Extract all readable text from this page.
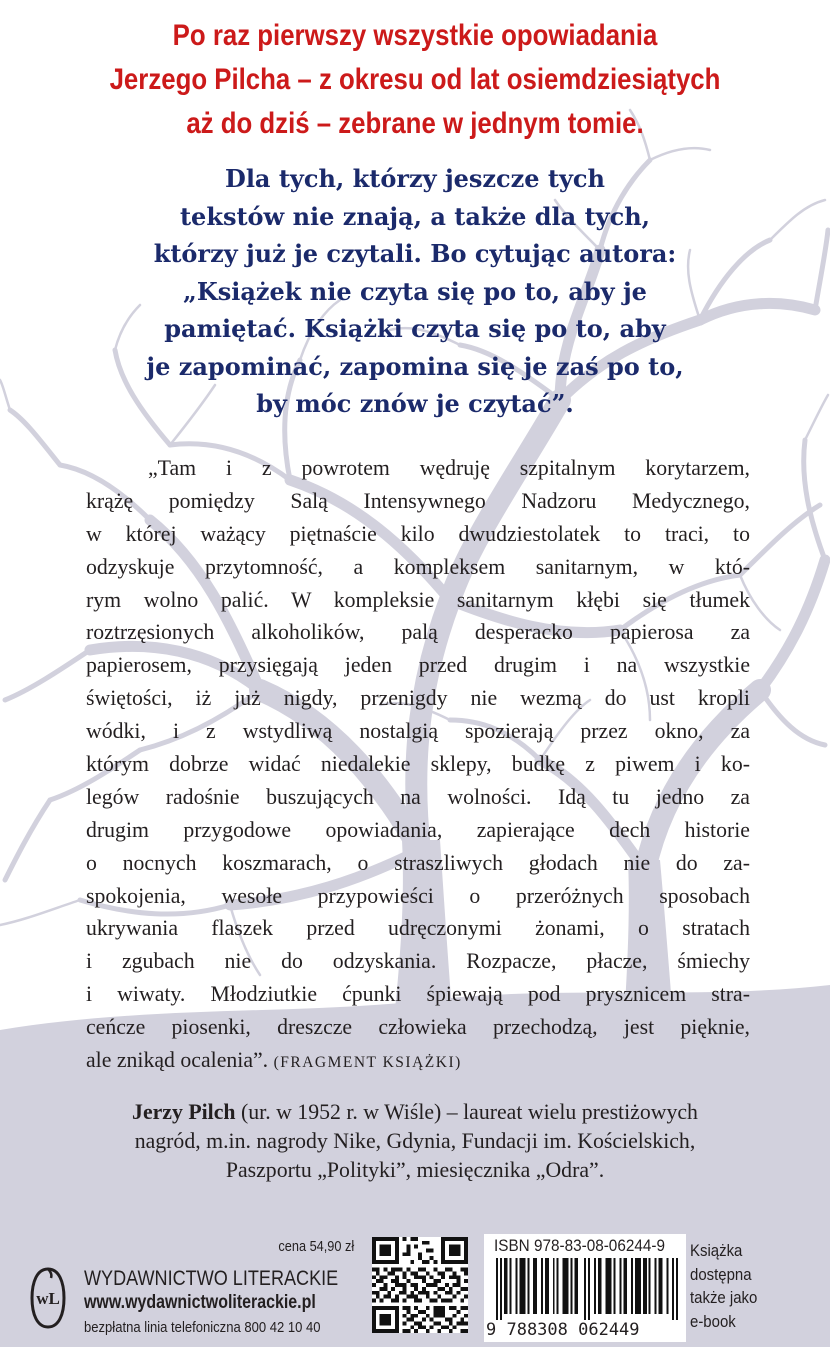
Po raz pierwszy wszystkie opowiadania
Jerzego Pilcha – z okresu od lat osiemdziesiątych
aż do dziś – zebrane w jednym tomie.
Dla tych, którzy jeszcze tych
tekstów nie znają, a także dla tych,
którzy już je czytali. Bo cytując autora:
„Książek nie czyta się po to, aby je
pamiętać. Książki czyta się po to, aby
je zapominać, zapomina się je zaś po to,
by móc znów je czytać”.
„Tam i z powrotem wędruję szpitalnym korytarzem,
krążę pomiędzy Salą Intensywnego Nadzoru Medycznego,
w której ważący piętnaście kilo dwudziestolatek to traci, to
odzyskuje przytomność, a kompleksem sanitarnym, w któ-
rym wolno palić. W kompleksie sanitarnym kłębi się tłumek
roztrzęsionych alkoholików, palą desperacko papierosa za
papierosem, przysięgają jeden przed drugim i na wszystkie
świętości, iż już nigdy, przenigdy nie wezmą do ust kropli
wódki, i z wstydliwą nostalgią spozierają przez okno, za
którym dobrze widać niedalekie sklepy, budkę z piwem i ko-
legów radośnie buszujących na wolności. Idą tu jedno za
drugim przygodowe opowiadania, zapierające dech historie
o nocnych koszmarach, o straszliwych głodach nie do za-
spokojenia, wesołe przypowieści o przeróżnych sposobach
ukrywania flaszek przed udręczonymi żonami, o stratach
i zgubach nie do odzyskania. Rozpacze, płacze, śmiechy
i wiwaty. Młodziutkie ćpunki śpiewają pod prysznicem stra-
ceńcze piosenki, dreszcze człowieka przechodzą, jest pięknie,
ale znikąd ocalenia”. (FRAGMENT KSIĄŻKI)
Jerzy Pilch (ur. w 1952 r. w Wiśle) – laureat wielu prestiżowych
nagród, m.in. nagrody Nike, Gdynia, Fundacji im. Kościelskich,
Paszportu „Polityki”, miesięcznika „Odra”.
cena 54,90 zł
wL
WYDAWNICTWO LITERACKIE
www.wydawnictwoliterackie.pl
bezpłatna linia telefoniczna 800 42 10 40
ISBN 978-83-08-06244-9
9 788308 062449
Książka
dostępna
także jako
e-book
